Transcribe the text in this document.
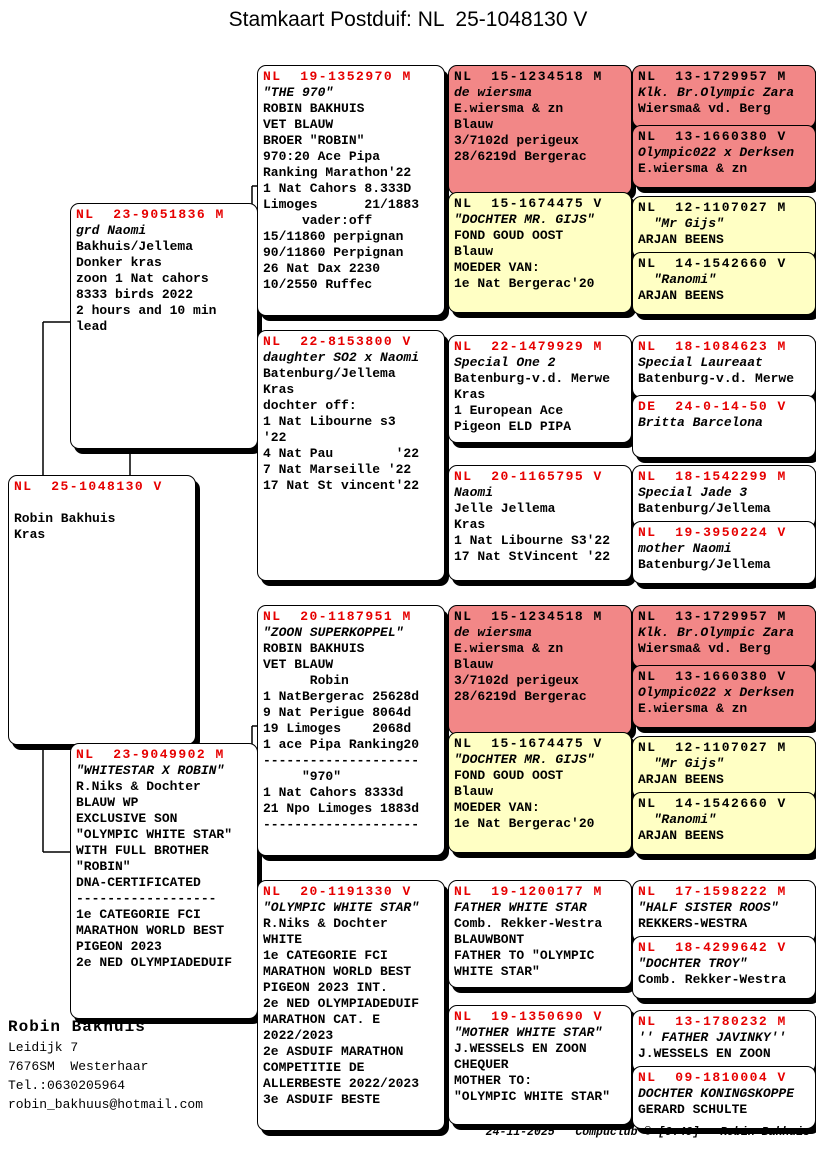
Stamkaart Postduif: NL  25-1048130 V
NL  25-1048130 V

Robin Bakhuis
Kras
NL  23-9051836 M
grd Naomi
Bakhuis/Jellema
Donker kras
zoon 1 Nat cahors
8333 birds 2022
2 hours and 10 min
lead
NL  23-9049902 M
"WHITESTAR X ROBIN"
R.Niks & Dochter
BLAUW WP
EXCLUSIVE SON
"OLYMPIC WHITE STAR"
WITH FULL BROTHER
"ROBIN"
DNA-CERTIFICATED
------------------
1e CATEGORIE FCI
MARATHON WORLD BEST
PIGEON 2023
2e NED OLYMPIADEDUIF
NL  19-1352970 M
"THE 970"
ROBIN BAKHUIS
VET BLAUW
BROER "ROBIN"
970:20 Ace Pipa
Ranking Marathon'22
1 Nat Cahors 8.333D
Limoges      21/1883
vader:off
15/11860 perpignan
90/11860 Perpignan
26 Nat Dax 2230
10/2550 Ruffec
NL  22-8153800 V
daughter SO2 x Naomi
Batenburg/Jellema
Kras
dochter off:
1 Nat Libourne s3
'22
4 Nat Pau        '22
7 Nat Marseille '22
17 Nat St vincent'22
NL  20-1187951 M
"ZOON SUPERKOPPEL"
ROBIN BAKHUIS
VET BLAUW
Robin
1 NatBergerac 25628d
9 Nat Perigue 8064d
19 Limoges    2068d
1 ace Pipa Ranking20
--------------------
"970"
1 Nat Cahors 8333d
21 Npo Limoges 1883d
--------------------
NL  20-1191330 V
"OLYMPIC WHITE STAR"
R.Niks & Dochter
WHITE
1e CATEGORIE FCI
MARATHON WORLD BEST
PIGEON 2023 INT.
2e NED OLYMPIADEDUIF
MARATHON CAT. E
2022/2023
2e ASDUIF MARATHON
COMPETITIE DE
ALLERBESTE 2022/2023
3e ASDUIF BESTE
NL  15-1234518 M
de wiersma
E.wiersma & zn
Blauw
3/7102d perigeux
28/6219d Bergerac
NL  15-1674475 V
"DOCHTER MR. GIJS"
FOND GOUD OOST
Blauw
MOEDER VAN:
1e Nat Bergerac'20
NL  22-1479929 M
Special One 2
Batenburg-v.d. Merwe
Kras
1 European Ace
Pigeon ELD PIPA
NL  20-1165795 V
Naomi
Jelle Jellema
Kras
1 Nat Libourne S3'22
17 Nat StVincent '22
NL  15-1234518 M
de wiersma
E.wiersma & zn
Blauw
3/7102d perigeux
28/6219d Bergerac
NL  15-1674475 V
"DOCHTER MR. GIJS"
FOND GOUD OOST
Blauw
MOEDER VAN:
1e Nat Bergerac'20
NL  19-1200177 M
FATHER WHITE STAR
Comb. Rekker-Westra
BLAUWBONT
FATHER TO "OLYMPIC
WHITE STAR"
NL  19-1350690 V
"MOTHER WHITE STAR"
J.WESSELS EN ZOON
CHEQUER
MOTHER TO:
"OLYMPIC WHITE STAR"
NL  13-1729957 M
Klk. Br.Olympic Zara
Wiersma& vd. Berg
NL  13-1660380 V
Olympic022 x Derksen
E.wiersma & zn
NL  12-1107027 M
"Mr Gijs"
ARJAN BEENS
NL  14-1542660 V
"Ranomi"
ARJAN BEENS
NL  18-1084623 M
Special Laureaat
Batenburg-v.d. Merwe
DE  24-0-14-50 V
Britta Barcelona
NL  18-1542299 M
Special Jade 3
Batenburg/Jellema
NL  19-3950224 V
mother Naomi
Batenburg/Jellema
NL  13-1729957 M
Klk. Br.Olympic Zara
Wiersma& vd. Berg
NL  13-1660380 V
Olympic022 x Derksen
E.wiersma & zn
NL  12-1107027 M
"Mr Gijs"
ARJAN BEENS
NL  14-1542660 V
"Ranomi"
ARJAN BEENS
NL  17-1598222 M
"HALF SISTER ROOS"
REKKERS-WESTRA
NL  18-4299642 V
"DOCHTER TROY"
Comb. Rekker-Westra
NL  13-1780232 M
'' FATHER JAVINKY''
J.WESSELS EN ZOON
NL  09-1810004 V
DOCHTER KONINGSKOPPE
GERARD SCHULTE
Robin Bakhuis
Leidijk 7
7676SM  Westerhaar
Tel.:0630205964
robin_bakhuus@hotmail.com
24-11-2025   Compuclub © [9.49]   Robin Bakhuis
